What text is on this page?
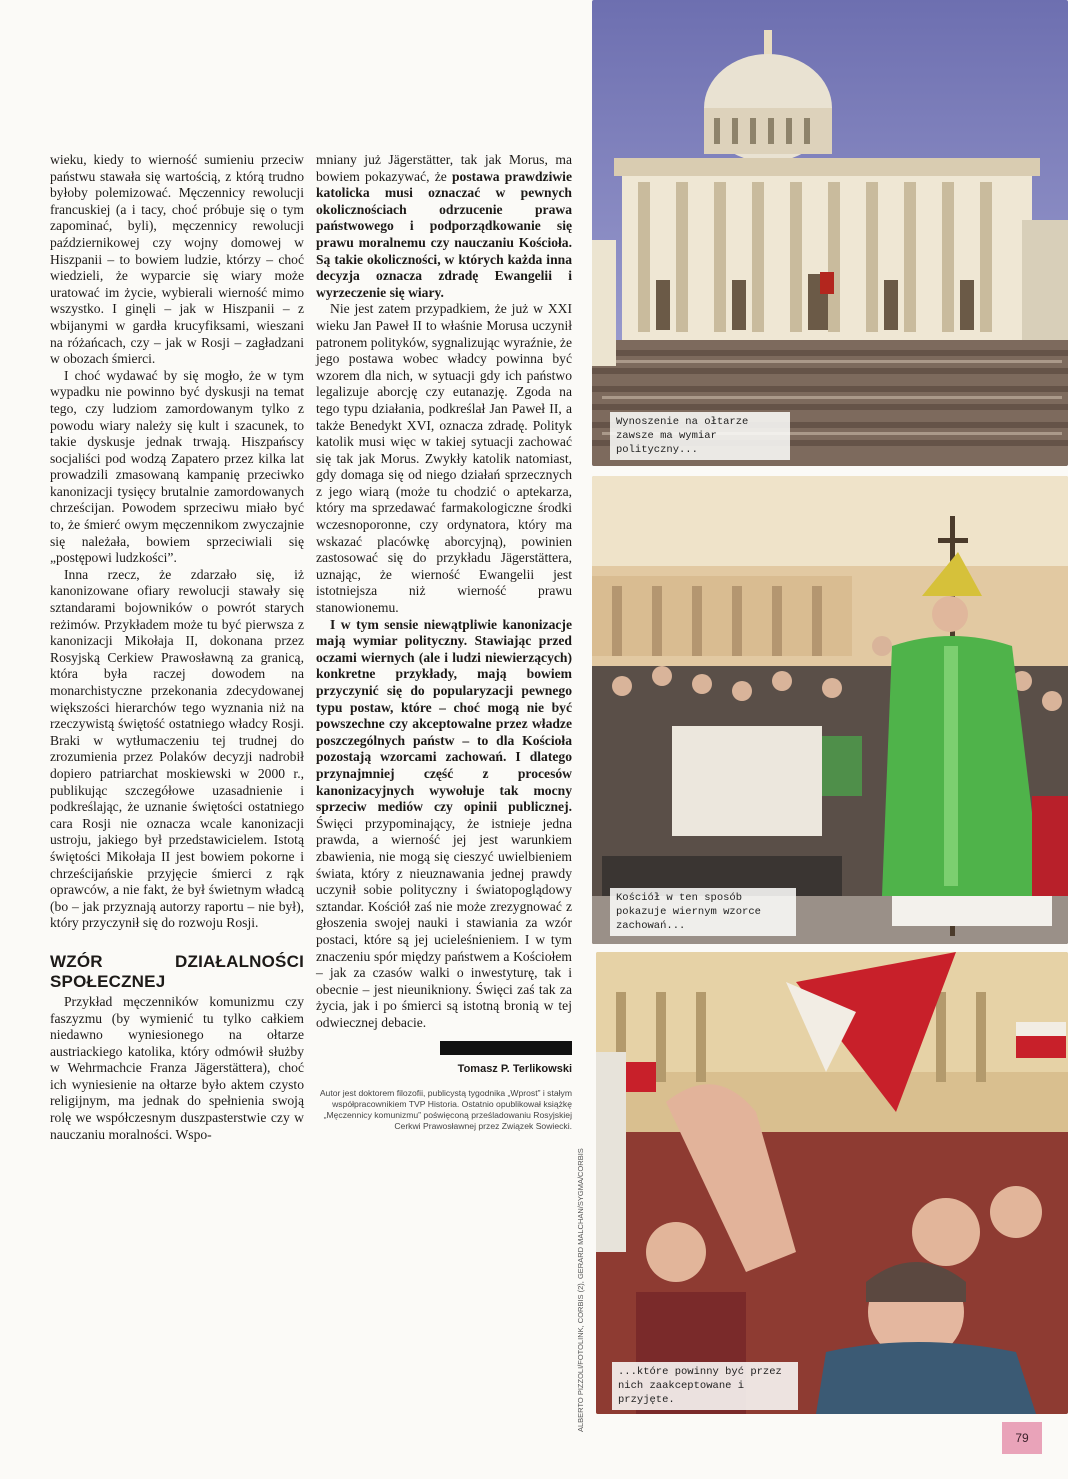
wieku, kiedy to wierność sumieniu przeciw państwu stawała się wartością, z którą trudno byłoby polemizować. Męczennicy rewolucji francuskiej (a i tacy, choć próbuje się o tym zapominać, byli), męczennicy rewolucji październikowej czy wojny domowej w Hiszpanii – to bowiem ludzie, którzy – choć wiedzieli, że wyparcie się wiary może uratować im życie, wybierali wierność mimo wszystko. I ginęli – jak w Hiszpanii – z wbijanymi w gardła krucyfiksami, wieszani na różańcach, czy – jak w Rosji – zagładzani w obozach śmierci.

I choć wydawać by się mogło, że w tym wypadku nie powinno być dyskusji na temat tego, czy ludziom zamordowanym tylko z powodu wiary należy się kult i szacunek, to takie dyskusje jednak trwają. Hiszpańscy socjaliści pod wodzą Zapatero przez kilka lat prowadzili zmasowaną kampanię przeciwko kanonizacji tysięcy brutalnie zamordowanych chrześcijan. Powodem sprzeciwu miało być to, że śmierć owym męczennikom zwyczajnie się należała, bowiem sprzeciwiali się „postępowi ludzkości”.

Inna rzecz, że zdarzało się, iż kanonizowane ofiary rewolucji stawały się sztandarami bojowników o powrót starych reżimów. Przykładem może tu być pierwsza z kanonizacji Mikołaja II, dokonana przez Rosyjską Cerkiew Prawosławną za granicą, która była raczej dowodem na monarchistyczne przekonania zdecydowanej większości hierarchów tego wyznania niż na rzeczywistą świętość ostatniego władcy Rosji. Braki w wytłumaczeniu tej trudnej do zrozumienia przez Polaków decyzji nadrobił dopiero patriarchat moskiewski w 2000 r., publikując szczegółowe uzasadnienie i podkreślając, że uznanie świętości ostatniego cara Rosji nie oznacza wcale kanonizacji ustroju, jakiego był przedstawicielem. Istotą świętości Mikołaja II jest bowiem pokorne i chrześcijańskie przyjęcie śmierci z rąk oprawców, a nie fakt, że był świetnym władcą (bo – jak przyznają autorzy raportu – nie był), który przyczynił się do rozwoju Rosji.

WZÓR DZIAŁALNOŚCI SPOŁECZNEJ

Przykład męczenników komunizmu czy faszyzmu (by wymienić tu tylko całkiem niedawno wyniesionego na ołtarze austriackiego katolika, który odmówił służby w Wehrmachcie Franza Jägerstättera), choć ich wyniesienie na ołtarze było aktem czysto religijnym, ma jednak do spełnienia swoją rolę we współczesnym duszpasterstwie czy w nauczaniu moralności. Wspo-

mniany już Jägerstätter, tak jak Morus, ma bowiem pokazywać, że postawa prawdziwie katolicka musi oznaczać w pewnych okolicznościach odrzucenie prawa państwowego i podporządkowanie się prawu moralnemu czy nauczaniu Kościoła. Są takie okoliczności, w których każda inna decyzja oznacza zdradę Ewangelii i wyrzeczenie się wiary.

Nie jest zatem przypadkiem, że już w XXI wieku Jan Paweł II to właśnie Morusa uczynił patronem polityków, sygnalizując wyraźnie, że jego postawa wobec władcy powinna być wzorem dla nich, w sytuacji gdy ich państwo legalizuje aborcję czy eutanazję. Zgoda na tego typu działania, podkreślał Jan Paweł II, a także Benedykt XVI, oznacza zdradę. Polityk katolik musi więc w takiej sytuacji zachować się tak jak Morus. Zwykły katolik natomiast, gdy domaga się od niego działań sprzecznych z jego wiarą (może tu chodzić o aptekarza, który ma sprzedawać farmakologiczne środki wczesnoporonne, czy ordynatora, który ma wskazać placówkę aborcyjną), powinien zastosować się do przykładu Jägerstättera, uznając, że wierność Ewangelii jest istotniejsza niż wierność prawu stanowionemu.

I w tym sensie niewątpliwie kanonizacje mają wymiar polityczny. Stawiając przed oczami wiernych (ale i ludzi niewierzących) konkretne przykłady, mają bowiem przyczynić się do popularyzacji pewnego typu postaw, które – choć mogą nie być powszechne czy akceptowalne przez władze poszczególnych państw – to dla Kościoła pozostają wzorcami zachowań. I dlatego przynajmniej część z procesów kanonizacyjnych wywołuje tak mocny sprzeciw mediów czy opinii publicznej. Święci przypominający, że istnieje jedna prawda, a wierność jej jest warunkiem zbawienia, nie mogą się cieszyć uwielbieniem świata, który z nieuznawania jednej prawdy uczynił sobie polityczny i światopoglądowy sztandar. Kościół zaś nie może zrezygnować z głoszenia swojej nauki i stawiania za wzór postaci, które są jej ucieleśnieniem. I w tym znaczeniu spór między państwem a Kościołem – jak za czasów walki o inwestyturę, tak i obecnie – jest nieunikniony. Święci zaś tak za życia, jak i po śmierci są istotną bronią w tej odwiecznej debacie.

Tomasz P. Terlikowski
Autor jest doktorem filozofii, publicystą tygodnika „Wprost” i stałym współpracownikiem TVP Historia. Ostatnio opublikował książkę „Męczennicy komunizmu” poświęconą prześladowaniu Rosyjskiej Cerkwi Prawosławnej przez Związek Sowiecki.
Wynoszenie na ołtarze zawsze ma wymiar polityczny...
Kościół w ten sposób pokazuje wiernym wzorce zachowań...
...które powinny być przez nich zaakceptowane i przyjęte.
ALBERTO PIZZOLI/FOTOLINK, CORBIS (2), GERARD MALCHAN/SYGMA/CORBIS
79
